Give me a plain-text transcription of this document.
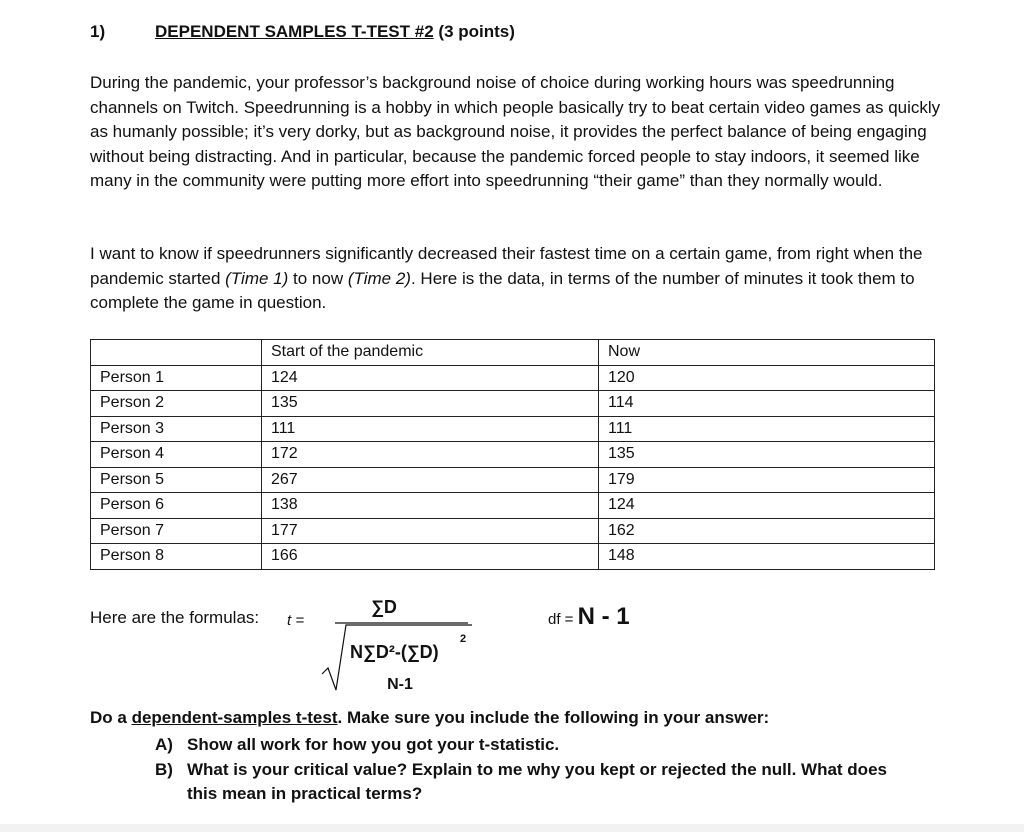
1)	DEPENDENT SAMPLES T-TEST #2 (3 points)
During the pandemic, your professor’s background noise of choice during working hours was speedrunning channels on Twitch. Speedrunning is a hobby in which people basically try to beat certain video games as quickly as humanly possible; it’s very dorky, but as background noise, it provides the perfect balance of being engaging without being distracting. And in particular, because the pandemic forced people to stay indoors, it seemed like many in the community were putting more effort into speedrunning “their game” than they normally would.
I want to know if speedrunners significantly decreased their fastest time on a certain game, from right when the pandemic started (Time 1) to now (Time 2). Here is the data, in terms of the number of minutes it took them to complete the game in question.
	Start of the pandemic	Now
Person 1	124	120
Person 2	135	114
Person 3	111	111
Person 4	172	135
Person 5	267	179
Person 6	138	124
Person 7	177	162
Person 8	166	148
Here are the formulas: t =
∑D
N∑D²-(∑D)
2
N-1
df = N - 1
Do a dependent-samples t-test. Make sure you include the following in your answer:
A) Show all work for how you got your t-statistic.
B) What is your critical value? Explain to me why you kept or rejected the null. What does this mean in practical terms?
